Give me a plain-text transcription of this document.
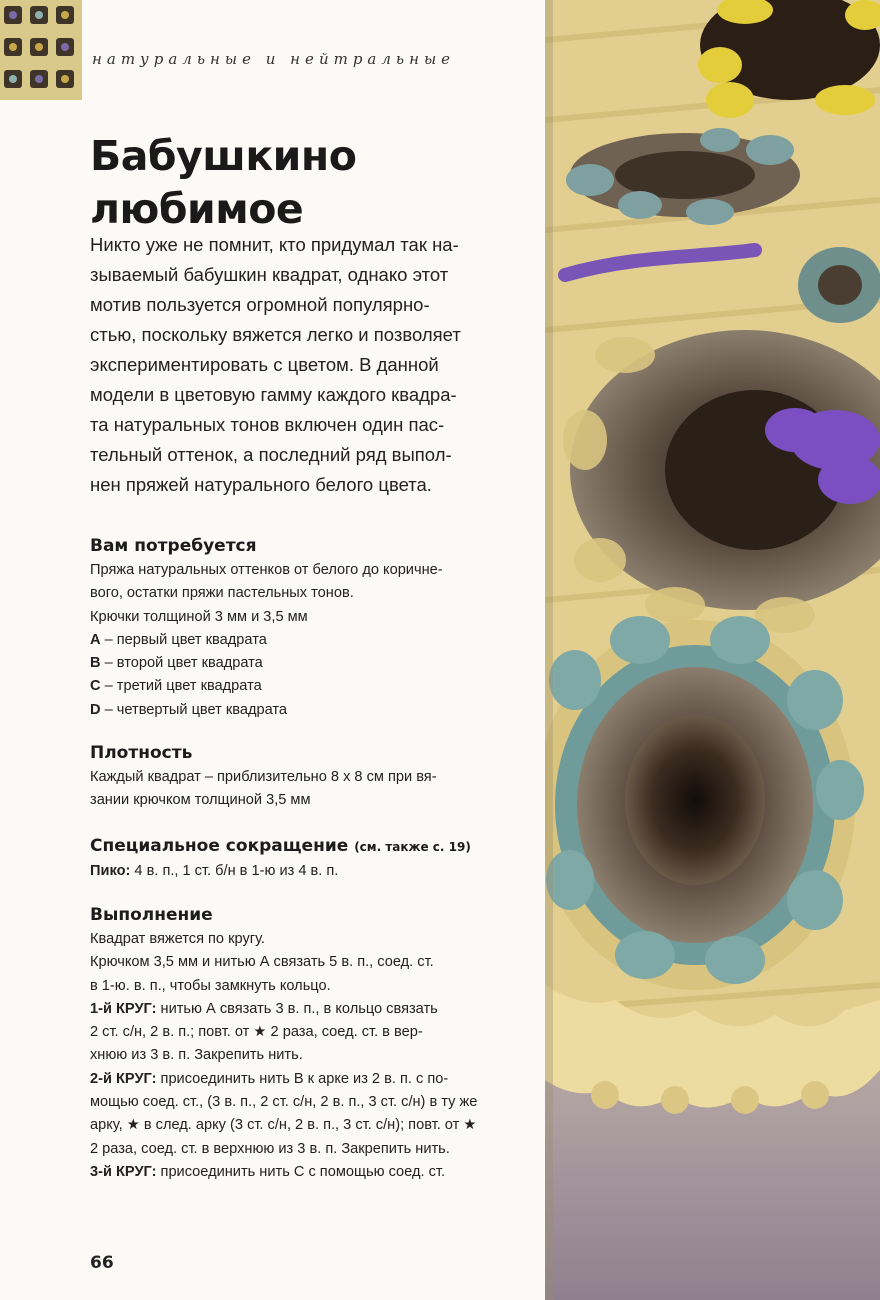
натуральные и нейтральные
Бабушкино
любимое

Никто уже не помнит, кто придумал так на-
зываемый бабушкин квадрат, однако этот
мотив пользуется огромной популярно-
стью, поскольку вяжется легко и позволяет
экспериментировать с цветом. В данной
модели в цветовую гамму каждого квадра-
та натуральных тонов включен один пас-
тельный оттенок, а последний ряд выпол-
нен пряжей натурального белого цвета.

Вам потребуется
Пряжа натуральных оттенков от белого до коричне-
вого, остатки пряжи пастельных тонов.
Крючки толщиной 3 мм и 3,5 мм
A – первый цвет квадрата
B – второй цвет квадрата
C – третий цвет квадрата
D – четвертый цвет квадрата
Плотность
Каждый квадрат – приблизительно 8 х 8 см при вя-
зании крючком толщиной 3,5 мм
Специальное сокращение (см. также с. 19)
Пико: 4 в. п., 1 ст. б/н в 1-ю из 4 в. п.
Выполнение
Квадрат вяжется по кругу.
Крючком 3,5 мм и нитью А связать 5 в. п., соед. ст.
в 1-ю. в. п., чтобы замкнуть кольцо.
1-й КРУГ: нитью А связать 3 в. п., в кольцо связать
2 ст. с/н, 2 в. п.; повт. от ★ 2 раза, соед. ст. в вер-
хнюю из 3 в. п. Закрепить нить.
2-й КРУГ: присоединить нить В к арке из 2 в. п. с по-
мощью соед. ст., (3 в. п., 2 ст. с/н, 2 в. п., 3 ст. с/н) в ту же
арку, ★ в след. арку (3 ст. с/н, 2 в. п., 3 ст. с/н); повт. от ★
2 раза, соед. ст. в верхнюю из 3 в. п. Закрепить нить.
3-й КРУГ: присоединить нить С с помощью соед. ст.
66
